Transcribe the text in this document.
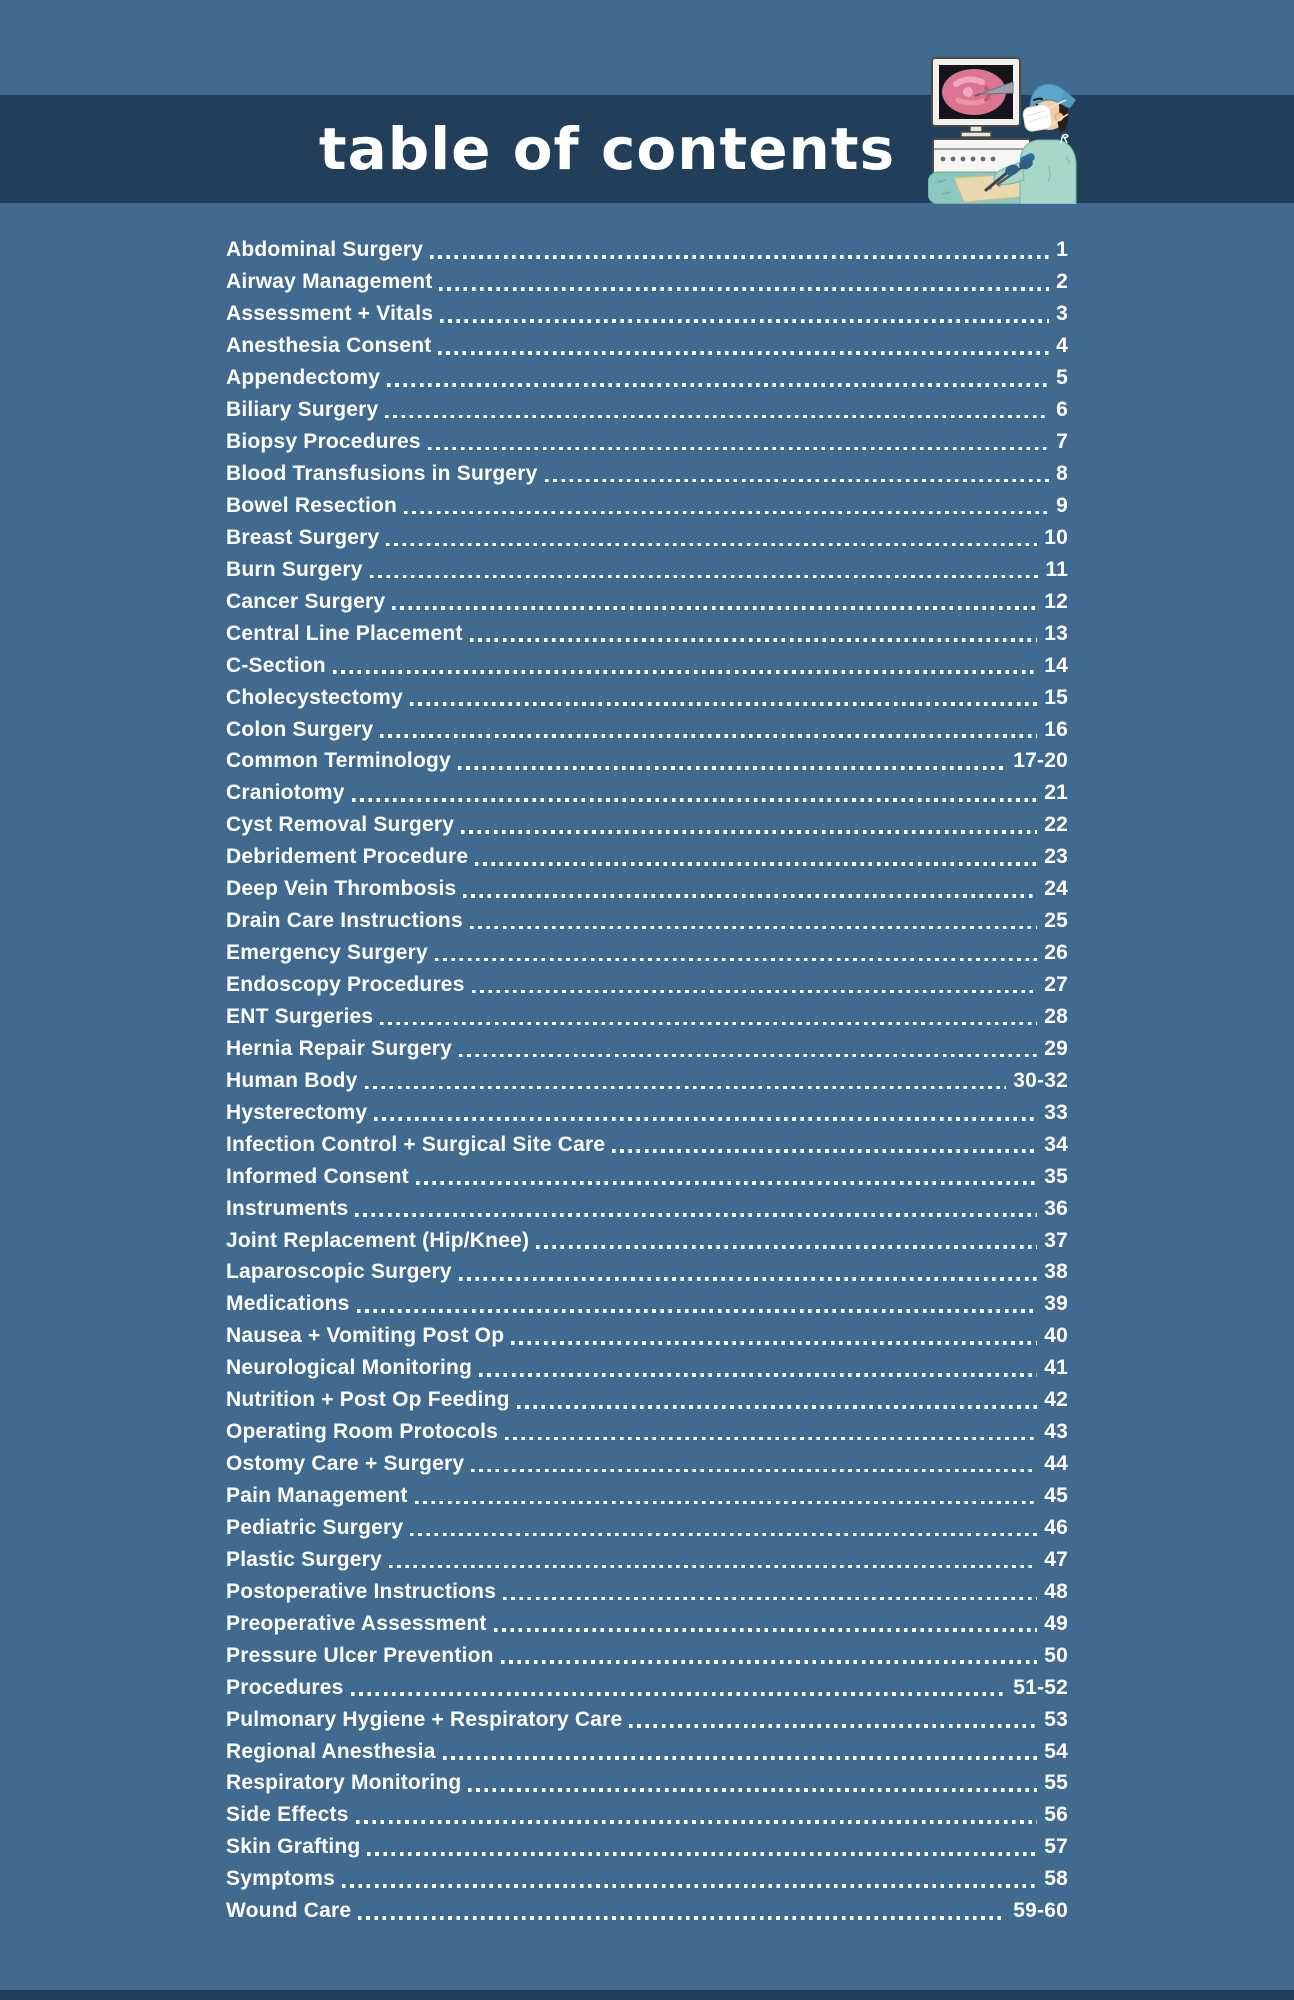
table of contents
Abdominal Surgery	1
Airway Management	2
Assessment + Vitals	3
Anesthesia Consent	4
Appendectomy	5
Biliary Surgery	6
Biopsy Procedures	7
Blood Transfusions in Surgery	8
Bowel Resection	9
Breast Surgery	10
Burn Surgery	11
Cancer Surgery	12
Central Line Placement	13
C-Section	14
Cholecystectomy	15
Colon Surgery	16
Common Terminology	17-20
Craniotomy	21
Cyst Removal Surgery	22
Debridement Procedure	23
Deep Vein Thrombosis	24
Drain Care Instructions	25
Emergency Surgery	26
Endoscopy Procedures	27
ENT Surgeries	28
Hernia Repair Surgery	29
Human Body	30-32
Hysterectomy	33
Infection Control + Surgical Site Care	34
Informed Consent	35
Instruments	36
Joint Replacement (Hip/Knee)	37
Laparoscopic Surgery	38
Medications	39
Nausea + Vomiting Post Op	40
Neurological Monitoring	41
Nutrition + Post Op Feeding	42
Operating Room Protocols	43
Ostomy Care + Surgery	44
Pain Management	45
Pediatric Surgery	46
Plastic Surgery	47
Postoperative Instructions	48
Preoperative Assessment	49
Pressure Ulcer Prevention	50
Procedures	51-52
Pulmonary Hygiene + Respiratory Care	53
Regional Anesthesia	54
Respiratory Monitoring	55
Side Effects	56
Skin Grafting	57
Symptoms	58
Wound Care	59-60
